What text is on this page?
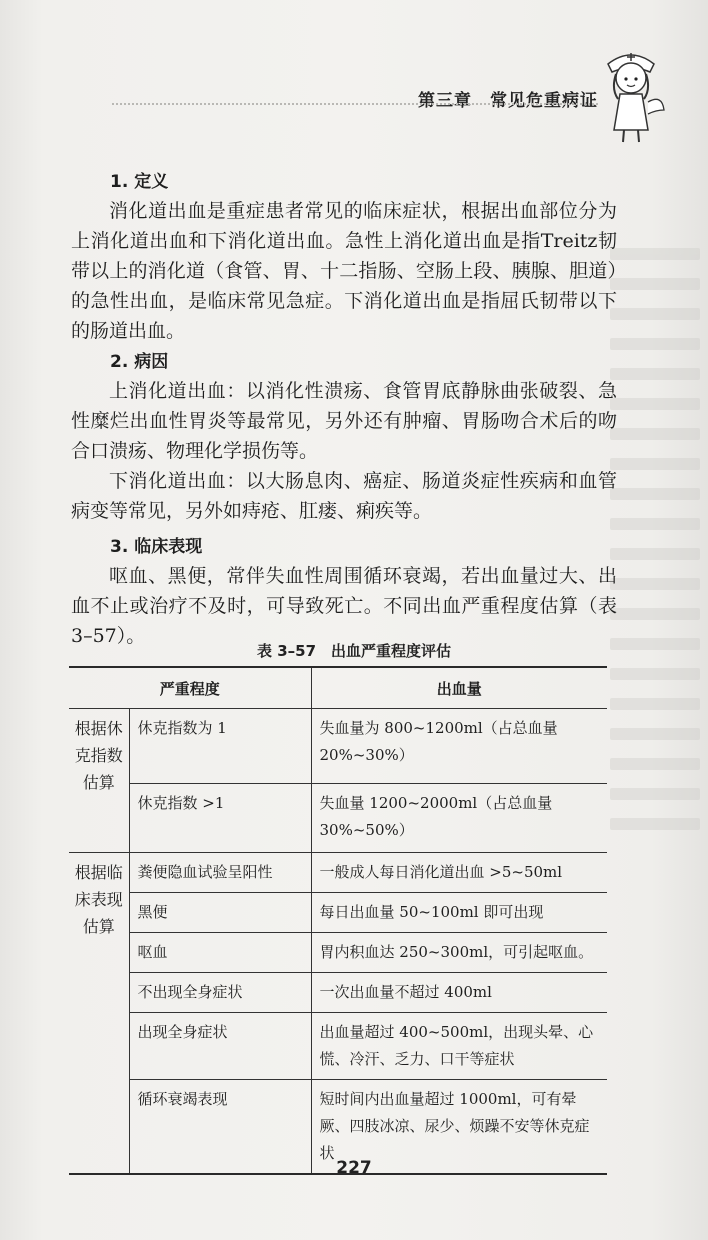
第三章　常见危重病证
1. 定义

消化道出血是重症患者常见的临床症状，根据出血部位分为上消化道出血和下消化道出血。急性上消化道出血是指Treitz韧带以上的消化道（食管、胃、十二指肠、空肠上段、胰腺、胆道）的急性出血，是临床常见急症。下消化道出血是指屈氏韧带以下的肠道出血。

2. 病因

上消化道出血：以消化性溃疡、食管胃底静脉曲张破裂、急性糜烂出血性胃炎等最常见，另外还有肿瘤、胃肠吻合术后的吻合口溃疡、物理化学损伤等。

下消化道出血：以大肠息肉、癌症、肠道炎症性疾病和血管病变等常见，另外如痔疮、肛瘘、痢疾等。

3. 临床表现

呕血、黑便，常伴失血性周围循环衰竭，若出血量过大、出血不止或治疗不及时，可导致死亡。不同出血严重程度估算（表3–57）。

表 3–57　出血严重程度评估
严重程度		出血量
根据休克指数估算	休克指数为 1	失血量为 800~1200ml（占总血量 20%~30%）
	休克指数 >1	失血量 1200~2000ml（占总血量 30%~50%）
根据临床表现估算	粪便隐血试验呈阳性	一般成人每日消化道出血 >5~50ml
	黑便	每日出血量 50~100ml 即可出现
	呕血	胃内积血达 250~300ml，可引起呕血。
	不出现全身症状	一次出血量不超过 400ml
	出现全身症状	出血量超过 400~500ml，出现头晕、心慌、冷汗、乏力、口干等症状
	循环衰竭表现	短时间内出血量超过 1000ml，可有晕厥、四肢冰凉、尿少、烦躁不安等休克症状
227
